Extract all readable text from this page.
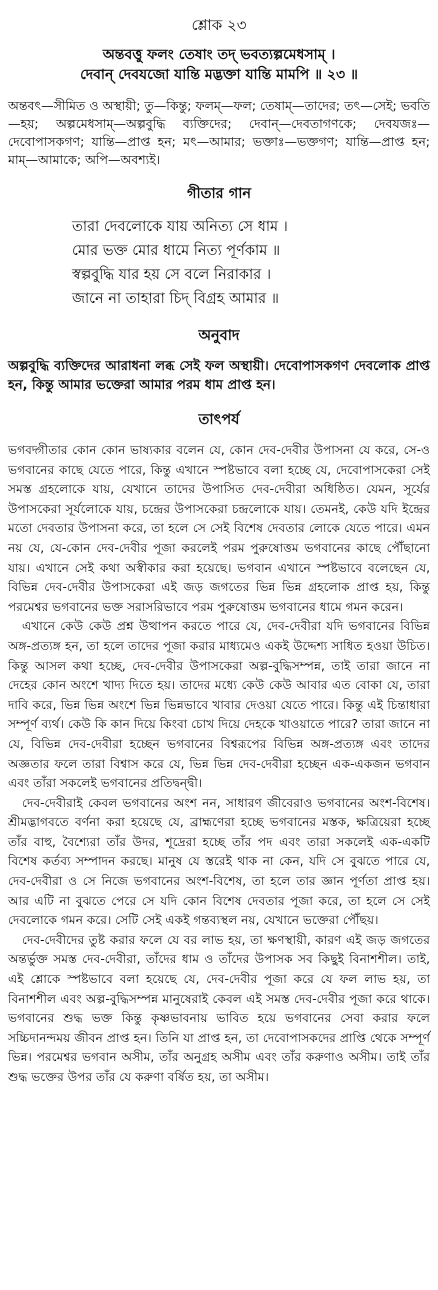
শ্লোক ২৩
অন্তবত্তু ফলং তেষাং তদ্ ভবত্যল্পমেধসাম্ ।
দেবান্ দেবযজো যান্তি মদ্ভক্তা যান্তি মামপি ॥ ২৩ ॥
অন্তবৎ—সীমিত ও অস্থায়ী; তু—কিন্তু; ফলম্—ফল; তেষাম্—তাদের; তৎ—সেই; ভবতি—হয়; অল্পমেধসাম্—অল্পবুদ্ধি ব্যক্তিদের; দেবান্—দেবতাগণকে; দেবযজঃ—দেবোপাসকগণ; যান্তি—প্রাপ্ত হন; মৎ—আমার; ভক্তাঃ—ভক্তগণ; যান্তি—প্রাপ্ত হন; মাম্—আমাকে; অপি—অবশ্যই।
গীতার গান
তারা দেবলোকে যায় অনিত্য সে ধাম ।
মোর ভক্ত মোর ধামে নিত্য পূর্ণকাম ॥
স্বল্পবুদ্ধি যার হয় সে বলে নিরাকার ।
জানে না তাহারা চিদ্ বিগ্রহ আমার ॥
অনুবাদ
অল্পবুদ্ধি ব্যক্তিদের আরাধনা লব্ধ সেই ফল অস্থায়ী। দেবোপাসকগণ দেবলোক প্রাপ্ত হন, কিন্তু আমার ভক্তেরা আমার পরম ধাম প্রাপ্ত হন।
তাৎপর্য

ভগবদ্গীতার কোন কোন ভাষ্যকার বলেন যে, কোন দেব-দেবীর উপাসনা যে করে, সে-ও ভগবানের কাছে যেতে পারে, কিন্তু এখানে স্পষ্টভাবে বলা হচ্ছে যে, দেবোপাসকেরা সেই সমস্ত গ্রহলোকে যায়, যেখানে তাদের উপাসিত দেব-দেবীরা অধিষ্ঠিত। যেমন, সূর্যের উপাসকেরা সূর্যলোকে যায়, চন্দ্রের উপাসকেরা চন্দ্রলোকে যায়। তেমনই, কেউ যদি ইন্দ্রের মতো দেবতার উপাসনা করে, তা হলে সে সেই বিশেষ দেবতার লোকে যেতে পারে। এমন নয় যে, যে-কোন দেব-দেবীর পূজা করলেই পরম পুরুষোত্তম ভগবানের কাছে পৌঁছানো যায়। এখানে সেই কথা অস্বীকার করা হয়েছে। ভগবান এখানে স্পষ্টভাবে বলেছেন যে, বিভিন্ন দেব-দেবীর উপাসকেরা এই জড় জগতের ভিন্ন ভিন্ন গ্রহলোক প্রাপ্ত হয়, কিন্তু পরমেশ্বর ভগবানের ভক্ত সরাসরিভাবে পরম পুরুষোত্তম ভগবানের ধামে গমন করেন।

এখানে কেউ কেউ প্রশ্ন উত্থাপন করতে পারে যে, দেব-দেবীরা যদি ভগবানের বিভিন্ন অঙ্গ-প্রত্যঙ্গ হন, তা হলে তাদের পূজা করার মাধ্যমেও একই উদ্দেশ্য সাধিত হওয়া উচিত। কিন্তু আসল কথা হচ্ছে, দেব-দেবীর উপাসকেরা অল্প-বুদ্ধিসম্পন্ন, তাই তারা জানে না দেহের কোন অংশে খাদ্য দিতে হয়। তাদের মধ্যে কেউ কেউ আবার এত বোকা যে, তারা দাবি করে, ভিন্ন ভিন্ন অংশে ভিন্ন ভিন্নভাবে খাবার দেওয়া যেতে পারে। কিন্তু এই চিন্তাধারা সম্পূর্ণ ব্যর্থ। কেউ কি কান দিয়ে কিংবা চোখ দিয়ে দেহকে খাওয়াতে পারে? তারা জানে না যে, বিভিন্ন দেব-দেবীরা হচ্ছেন ভগবানের বিশ্বরূপের বিভিন্ন অঙ্গ-প্রত্যঙ্গ এবং তাদের অজ্ঞতার ফলে তারা বিশ্বাস করে যে, ভিন্ন ভিন্ন দেব-দেবীরা হচ্ছেন এক-একজন ভগবান এবং তাঁরা সকলেই ভগবানের প্রতিদ্বন্দ্বী।

দেব-দেবীরাই কেবল ভগবানের অংশ নন, সাধারণ জীবেরাও ভগবানের অংশ-বিশেষ। শ্রীমদ্ভাগবতে বর্ণনা করা হয়েছে যে, ব্রাহ্মণেরা হচ্ছে ভগবানের মস্তক, ক্ষত্রিয়েরা হচ্ছে তাঁর বাহু, বৈশ্যেরা তাঁর উদর, শূদ্রেরা হচ্ছে তাঁর পদ এবং তারা সকলেই এক-একটি বিশেষ কর্তব্য সম্পাদন করছে। মানুষ যে স্তরেই থাক না কেন, যদি সে বুঝতে পারে যে, দেব-দেবীরা ও সে নিজে ভগবানের অংশ-বিশেষ, তা হলে তার জ্ঞান পূর্ণতা প্রাপ্ত হয়। আর এটি না বুঝতে পেরে সে যদি কোন বিশেষ দেবতার পূজা করে, তা হলে সে সেই দেবলোকে গমন করে। সেটি সেই একই গন্তব্যস্থল নয়, যেখানে ভক্তেরা পৌঁছয়।

দেব-দেবীদের তুষ্ট করার ফলে যে বর লাভ হয়, তা ক্ষণস্থায়ী, কারণ এই জড় জগতের অন্তর্ভুক্ত সমস্ত দেব-দেবীরা, তাঁদের ধাম ও তাঁদের উপাসক সব কিছুই বিনাশশীল। তাই, এই শ্লোকে স্পষ্টভাবে বলা হয়েছে যে, দেব-দেবীর পূজা করে যে ফল লাভ হয়, তা বিনাশশীল এবং অল্প-বুদ্ধিসম্পন্ন মানুষেরাই কেবল এই সমস্ত দেব-দেবীর পূজা করে থাকে। ভগবানের শুদ্ধ ভক্ত কিন্তু কৃষ্ণভাবনায় ভাবিত হয়ে ভগবানের সেবা করার ফলে সচ্চিদানন্দময় জীবন প্রাপ্ত হন। তিনি যা প্রাপ্ত হন, তা দেবোপাসকদের প্রাপ্তি থেকে সম্পূর্ণ ভিন্ন। পরমেশ্বর ভগবান অসীম, তাঁর অনুগ্রহ অসীম এবং তাঁর করুণাও অসীম। তাই তাঁর শুদ্ধ ভক্তের উপর তাঁর যে করুণা বর্ষিত হয়, তা অসীম।
